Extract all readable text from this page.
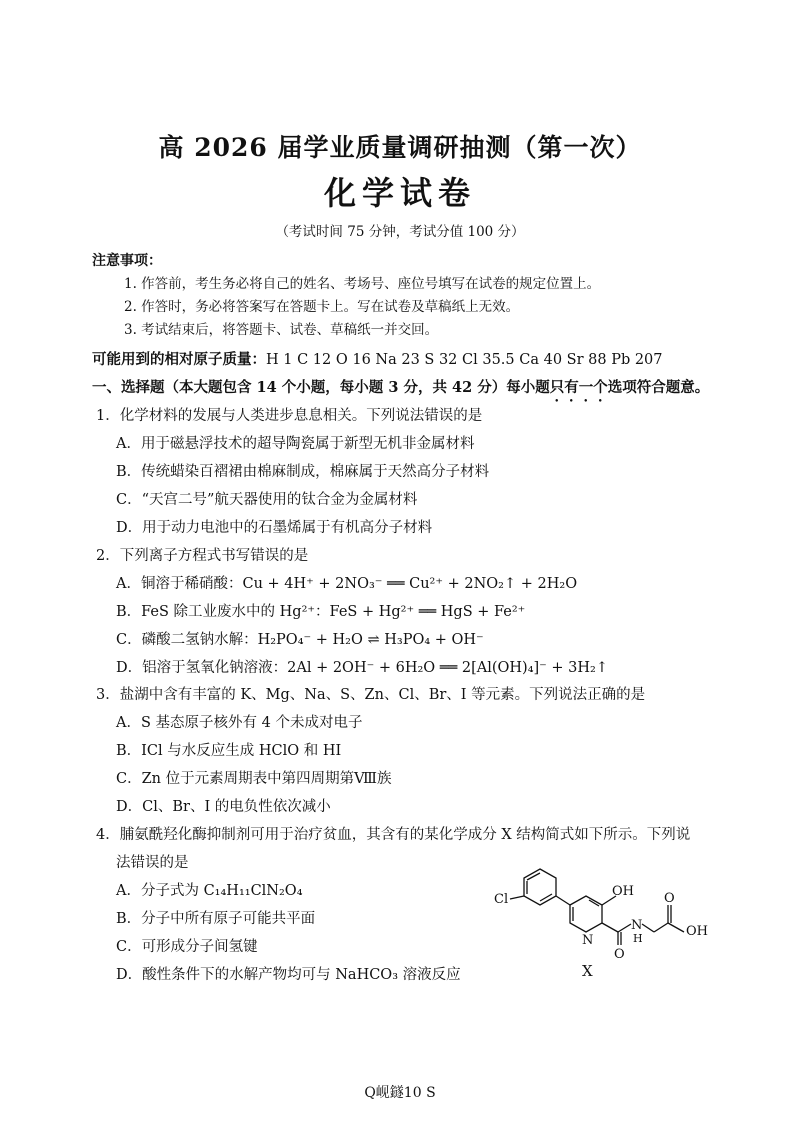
高 2026 届学业质量调研抽测（第一次）
化学试卷
（考试时间 75 分钟，考试分值 100 分）
注意事项：
1. 作答前，考生务必将自己的姓名、考场号、座位号填写在试卷的规定位置上。
2. 作答时，务必将答案写在答题卡上。写在试卷及草稿纸上无效。
3. 考试结束后，将答题卡、试卷、草稿纸一并交回。
可能用到的相对原子质量：H 1 C 12 O 16 Na 23 S 32 Cl 35.5 Ca 40 Sr 88 Pb 207
一、选择题（本大题包含 14 个小题，每小题 3 分，共 42 分）每小题只有一个选项符合题意。
1．化学材料的发展与人类进步息息相关。下列说法错误的是
A．用于磁悬浮技术的超导陶瓷属于新型无机非金属材料
B．传统蜡染百褶裙由棉麻制成，棉麻属于天然高分子材料
C．“天宫二号”航天器使用的钛合金为金属材料
D．用于动力电池中的石墨烯属于有机高分子材料
2．下列离子方程式书写错误的是
A．铜溶于稀硝酸：Cu + 4H⁺ + 2NO₃⁻ ══ Cu²⁺ + 2NO₂↑ + 2H₂O
B．FeS 除工业废水中的 Hg²⁺：FeS + Hg²⁺ ══ HgS + Fe²⁺
C．磷酸二氢钠水解：H₂PO₄⁻ + H₂O ⇌ H₃PO₄ + OH⁻
D．铝溶于氢氧化钠溶液：2Al + 2OH⁻ + 6H₂O ══ 2[Al(OH)₄]⁻ + 3H₂↑
3．盐湖中含有丰富的 K、Mg、Na、S、Zn、Cl、Br、I 等元素。下列说法正确的是
A．S 基态原子核外有 4 个未成对电子
B．ICl 与水反应生成 HClO 和 HI
C．Zn 位于元素周期表中第四周期第Ⅷ族
D．Cl、Br、I 的电负性依次减小
4．脯氨酰羟化酶抑制剂可用于治疗贫血，其含有的某化学成分 X 结构简式如下所示。下列说
法错误的是
A．分子式为 C₁₄H₁₁ClN₂O₄
B．分子中所有原子可能共平面
C．可形成分子间氢键
D．酸性条件下的水解产物均可与 NaHCO₃ 溶液反应
Cl
OH
N
N
H
O
O
OH
X
Q岘鐩10 S
